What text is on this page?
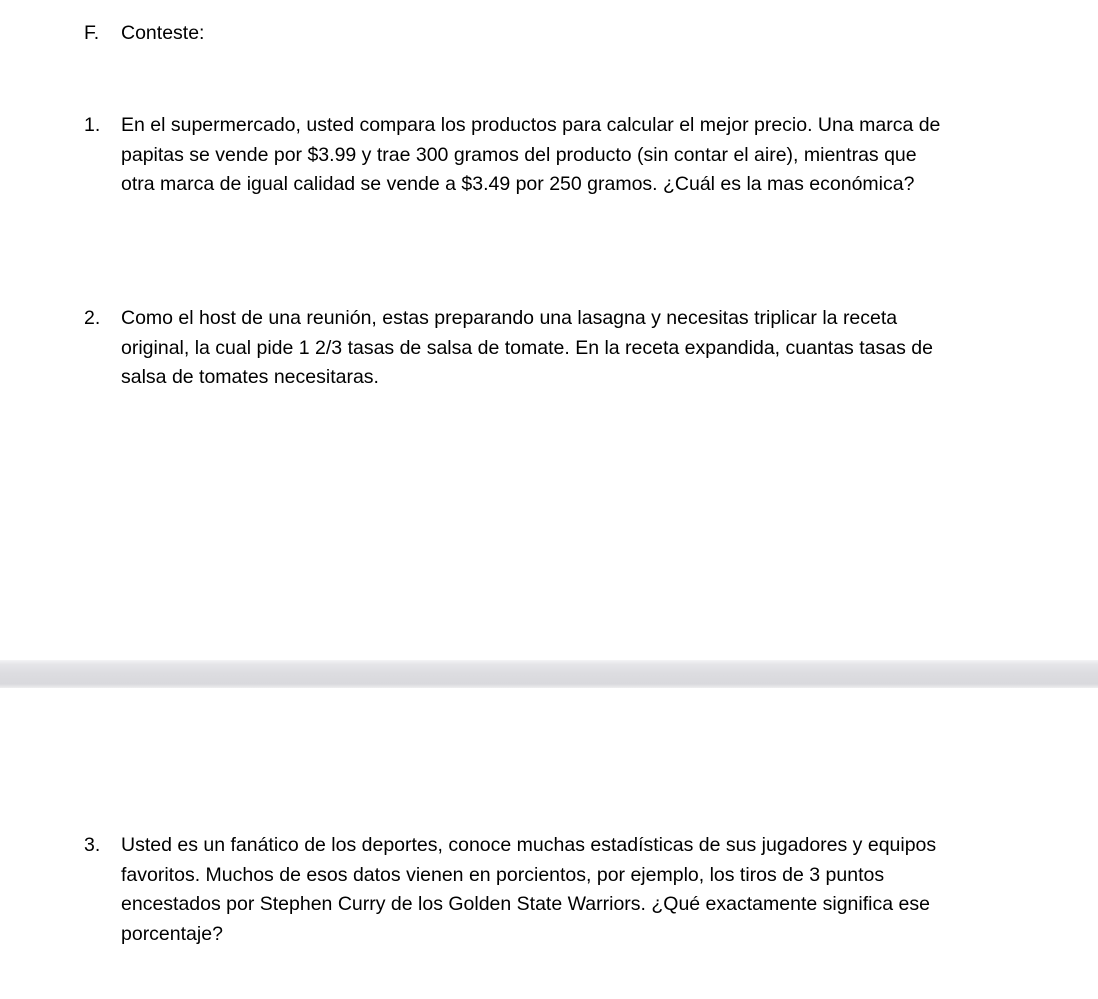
F.	Conteste:
1.	En el supermercado, usted compara los productos para calcular el mejor precio. Una marca de
papitas se vende por $3.99 y trae 300 gramos del producto (sin contar el aire), mientras que
otra marca de igual calidad se vende a $3.49 por 250 gramos. ¿Cuál es la mas económica?
2.	Como el host de una reunión, estas preparando una lasagna y necesitas triplicar la receta
original, la cual pide 1 2/3 tasas de salsa de tomate. En la receta expandida, cuantas tasas de
salsa de tomates necesitaras.
3.	Usted es un fanático de los deportes, conoce muchas estadísticas de sus jugadores y equipos
favoritos. Muchos de esos datos vienen en porcientos, por ejemplo, los tiros de 3 puntos
encestados por Stephen Curry de los Golden State Warriors. ¿Qué exactamente significa ese
porcentaje?
